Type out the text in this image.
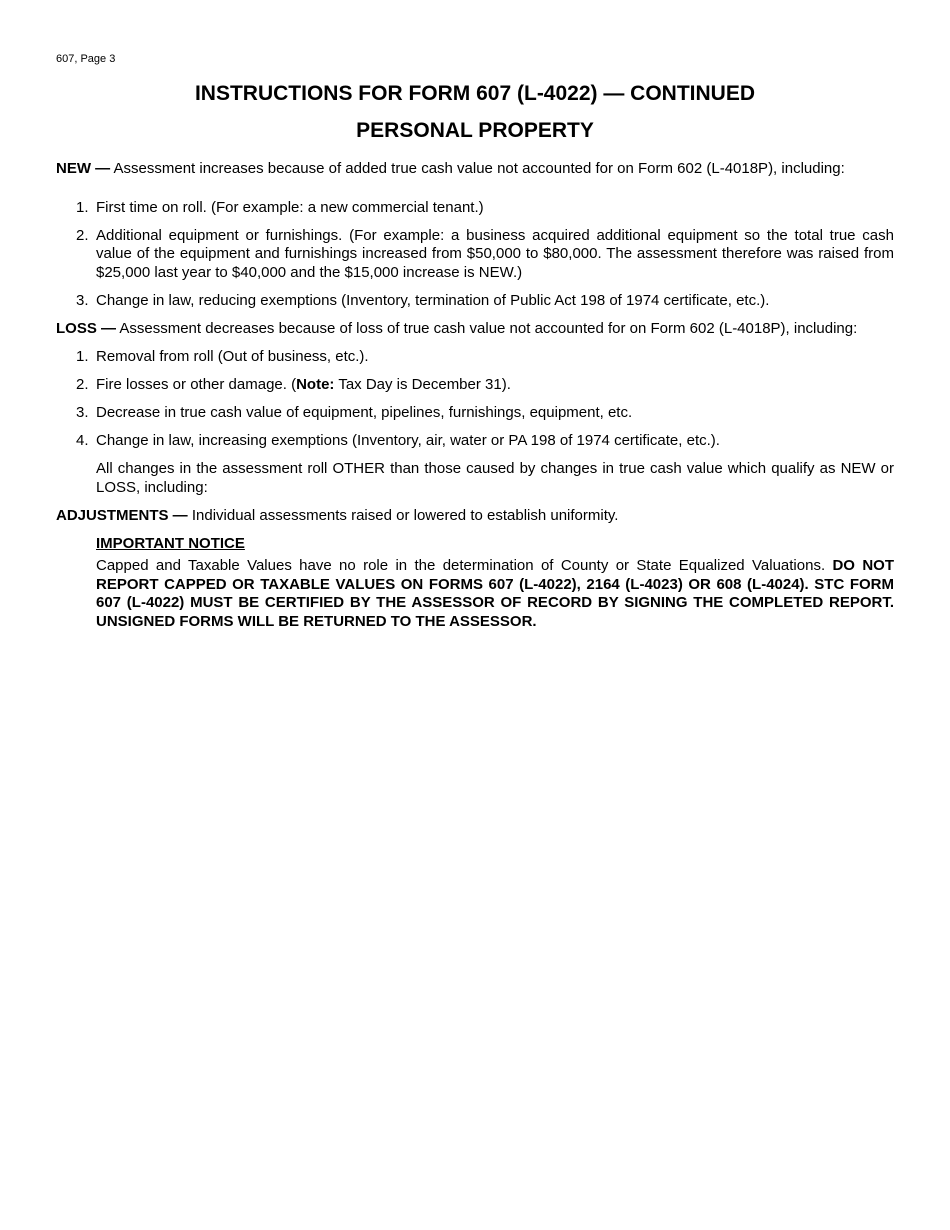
607, Page 3
INSTRUCTIONS FOR FORM 607 (L-4022) — CONTINUED
PERSONAL PROPERTY

NEW — Assessment increases because of added true cash value not accounted for on Form 602 (L-4018P), including:

1. First time on roll. (For example: a new commercial tenant.)
2. Additional equipment or furnishings. (For example: a business acquired additional equipment so the total true cash value of the equipment and furnishings increased from $50,000 to $80,000. The assessment therefore was raised from $25,000 last year to $40,000 and the $15,000 increase is NEW.)
3. Change in law, reducing exemptions (Inventory, termination of Public Act 198 of 1974 certificate, etc.).

LOSS — Assessment decreases because of loss of true cash value not accounted for on Form 602 (L-4018P), including:

1. Removal from roll (Out of business, etc.).
2. Fire losses or other damage. (Note: Tax Day is December 31).
3. Decrease in true cash value of equipment, pipelines, furnishings, equipment, etc.
4. Change in law, increasing exemptions (Inventory, air, water or PA 198 of 1974 certificate, etc.).

All changes in the assessment roll OTHER than those caused by changes in true cash value which qualify as NEW or LOSS, including:

ADJUSTMENTS — Individual assessments raised or lowered to establish uniformity.

IMPORTANT NOTICE
Capped and Taxable Values have no role in the determination of County or State Equalized Valuations. DO NOT REPORT CAPPED OR TAXABLE VALUES ON FORMS 607 (L-4022), 2164 (L-4023) OR 608 (L-4024). STC FORM 607 (L-4022) MUST BE CERTIFIED BY THE ASSESSOR OF RECORD BY SIGNING THE COMPLETED REPORT. UNSIGNED FORMS WILL BE RETURNED TO THE ASSESSOR.
